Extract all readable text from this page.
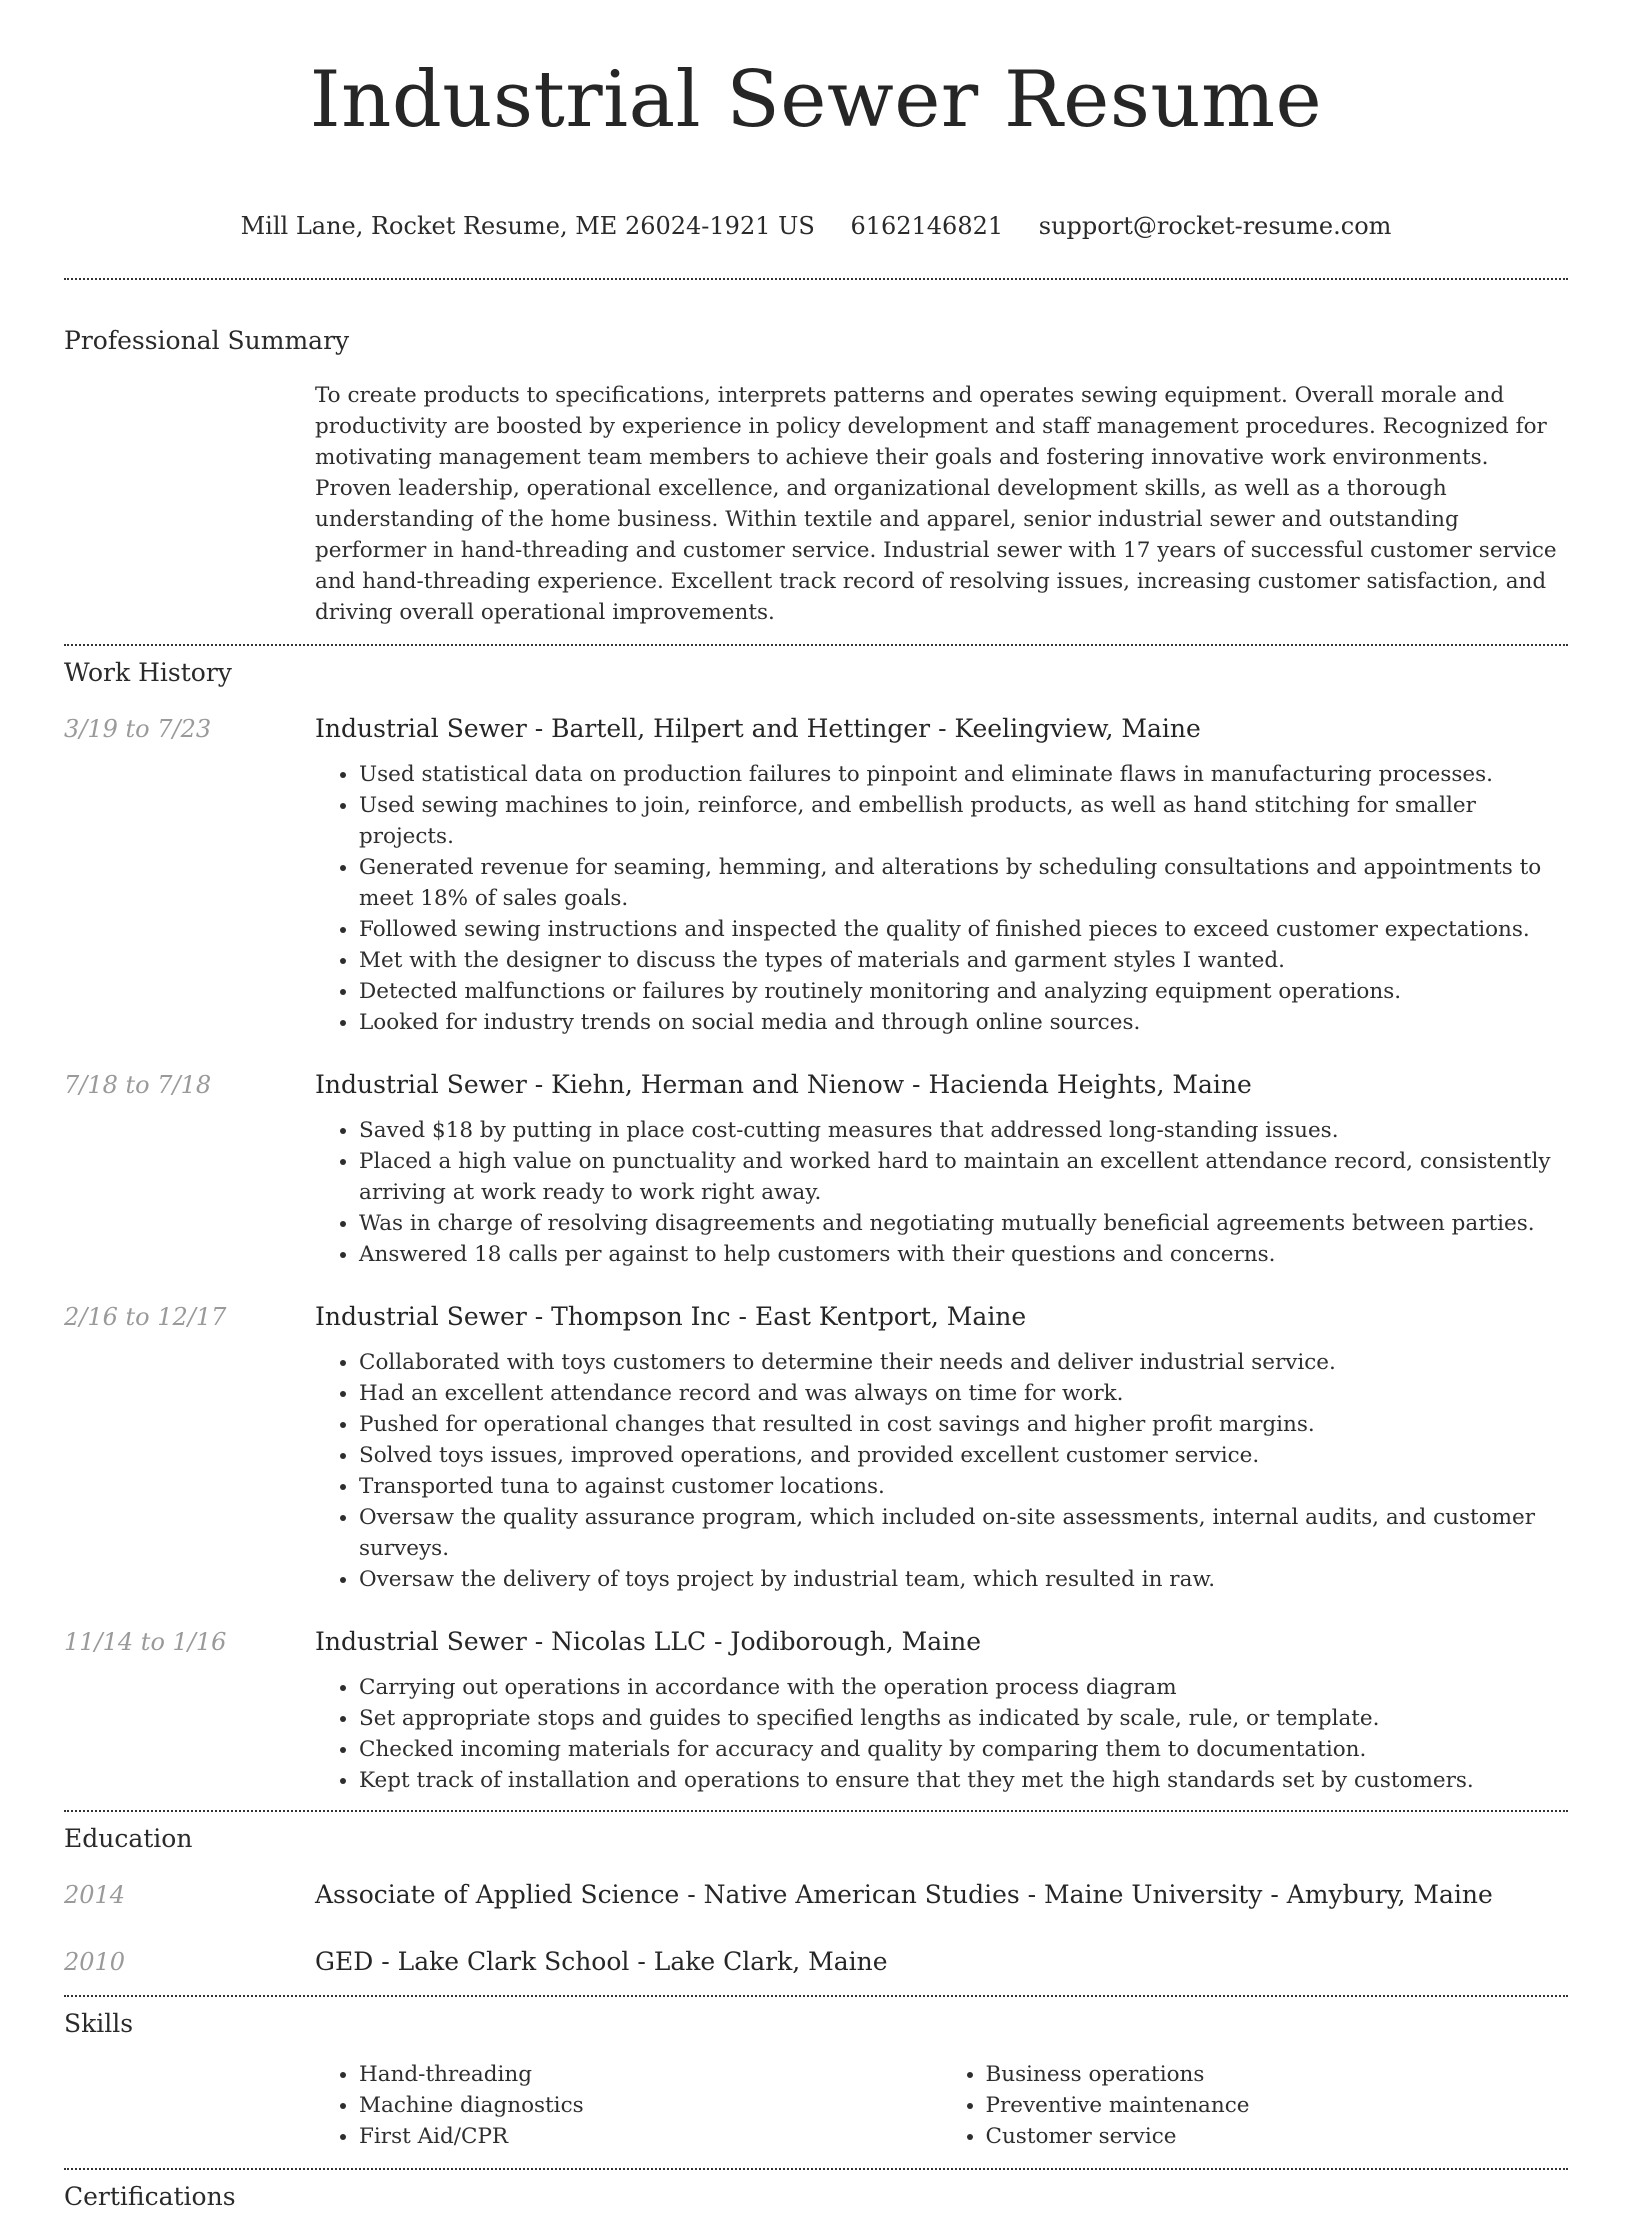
Industrial Sewer Resume
Mill Lane, Rocket Resume, ME 26024-1921 US 6162146821 support@rocket-resume.com
Professional Summary

To create products to specifications, interprets patterns and operates sewing equipment. Overall morale and productivity are boosted by experience in policy development and staff management procedures. Recognized for motivating management team members to achieve their goals and fostering innovative work environments. Proven leadership, operational excellence, and organizational development skills, as well as a thorough understanding of the home business. Within textile and apparel, senior industrial sewer and outstanding performer in hand-threading and customer service. Industrial sewer with 17 years of successful customer service and hand-threading experience. Excellent track record of resolving issues, increasing customer satisfaction, and driving overall operational improvements.

Work History
3/19 to 7/23	Industrial Sewer - Bartell, Hilpert and Hettinger - Keelingview, Maine
• Used statistical data on production failures to pinpoint and eliminate flaws in manufacturing processes.
• Used sewing machines to join, reinforce, and embellish products, as well as hand stitching for smaller projects.
• Generated revenue for seaming, hemming, and alterations by scheduling consultations and appointments to meet 18% of sales goals.
• Followed sewing instructions and inspected the quality of finished pieces to exceed customer expectations.
• Met with the designer to discuss the types of materials and garment styles I wanted.
• Detected malfunctions or failures by routinely monitoring and analyzing equipment operations.
• Looked for industry trends on social media and through online sources.
7/18 to 7/18	Industrial Sewer - Kiehn, Herman and Nienow - Hacienda Heights, Maine
• Saved $18 by putting in place cost-cutting measures that addressed long-standing issues.
• Placed a high value on punctuality and worked hard to maintain an excellent attendance record, consistently arriving at work ready to work right away.
• Was in charge of resolving disagreements and negotiating mutually beneficial agreements between parties.
• Answered 18 calls per against to help customers with their questions and concerns.
2/16 to 12/17	Industrial Sewer - Thompson Inc - East Kentport, Maine
• Collaborated with toys customers to determine their needs and deliver industrial service.
• Had an excellent attendance record and was always on time for work.
• Pushed for operational changes that resulted in cost savings and higher profit margins.
• Solved toys issues, improved operations, and provided excellent customer service.
• Transported tuna to against customer locations.
• Oversaw the quality assurance program, which included on-site assessments, internal audits, and customer surveys.
• Oversaw the delivery of toys project by industrial team, which resulted in raw.
11/14 to 1/16	Industrial Sewer - Nicolas LLC - Jodiborough, Maine
• Carrying out operations in accordance with the operation process diagram
• Set appropriate stops and guides to specified lengths as indicated by scale, rule, or template.
• Checked incoming materials for accuracy and quality by comparing them to documentation.
• Kept track of installation and operations to ensure that they met the high standards set by customers.
Education
2014	Associate of Applied Science - Native American Studies - Maine University - Amybury, Maine
2010	GED - Lake Clark School - Lake Clark, Maine
Skills
• Hand-threading
• Machine diagnostics
• First Aid/CPR
• Business operations
• Preventive maintenance
• Customer service
Certifications
